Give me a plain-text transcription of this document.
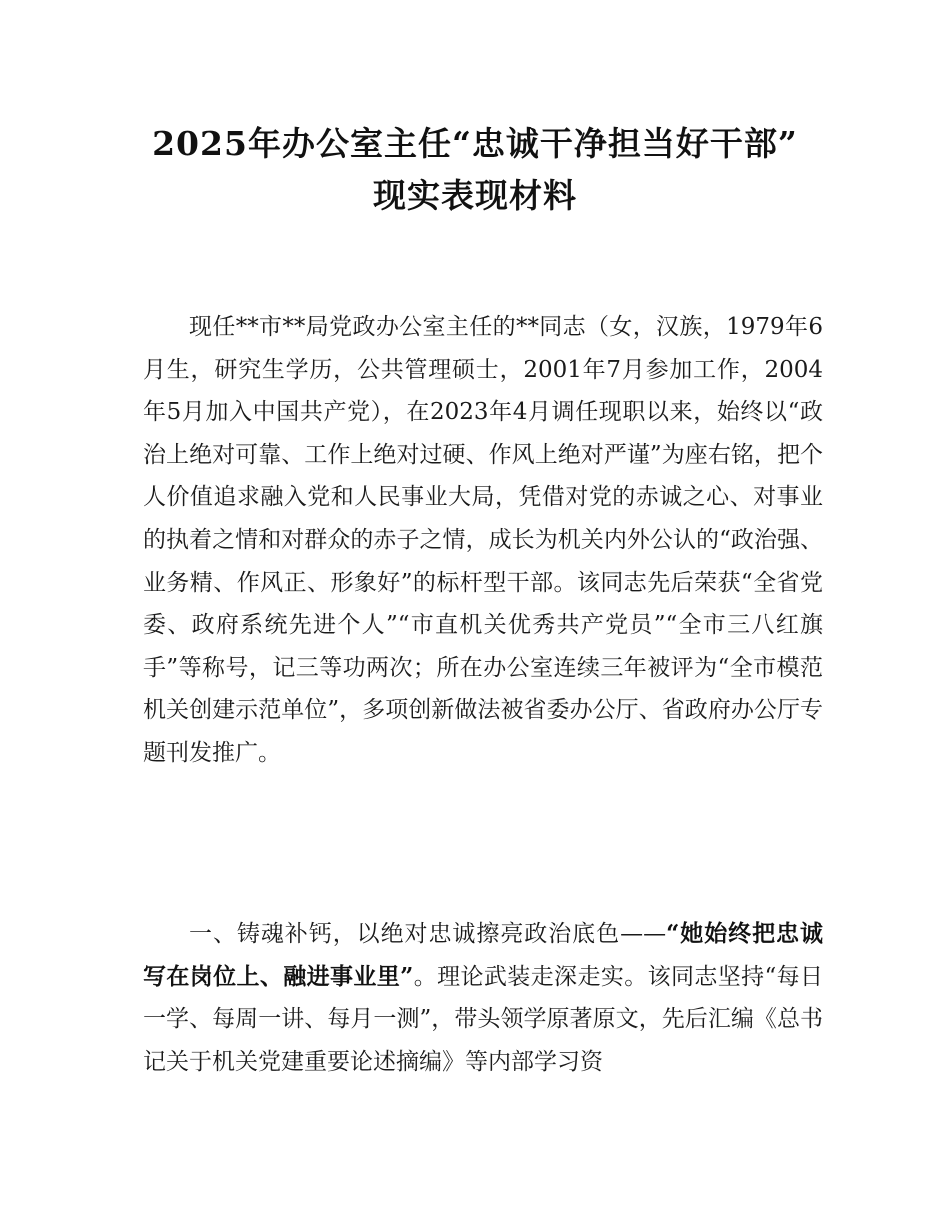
2025年办公室主任“忠诚干净担当好干部”
现实表现材料

现任**市**局党政办公室主任的**同志（女，汉族，1979年6月生，研究生学历，公共管理硕士，2001年7月参加工作，2004年5月加入中国共产党），在2023年4月调任现职以来，始终以“政治上绝对可靠、工作上绝对过硬、作风上绝对严谨”为座右铭，把个人价值追求融入党和人民事业大局，凭借对党的赤诚之心、对事业的执着之情和对群众的赤子之情，成长为机关内外公认的“政治强、业务精、作风正、形象好”的标杆型干部。该同志先后荣获“全省党委、政府系统先进个人”“市直机关优秀共产党员”“全市三八红旗手”等称号，记三等功两次；所在办公室连续三年被评为“全市模范机关创建示范单位”，多项创新做法被省委办公厅、省政府办公厅专题刊发推广。

一、铸魂补钙，以绝对忠诚擦亮政治底色——“她始终把忠诚写在岗位上、融进事业里”。理论武装走深走实。该同志坚持“每日一学、每周一讲、每月一测”，带头领学原著原文，先后汇编《总书记关于机关党建重要论述摘编》等内部学习资
